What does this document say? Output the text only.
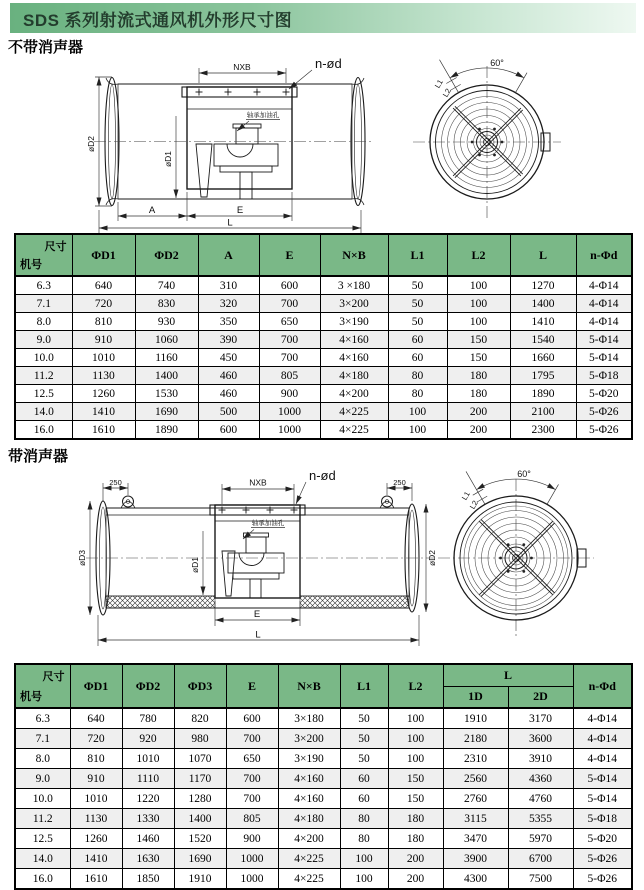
SDS 系列射流式通风机外形尺寸图
不带消声器
NXB	n-ød
轴承加油孔
øD2
øD1
A	E
L
60°
L2
L1
尺寸
机号	ΦD1	ΦD2	A	E	N×B	L1	L2	L	n-Φd
6.3	640	740	310	600	3 ×180	50	100	1270	4-Φ14
7.1	720	830	320	700	3×200	50	100	1400	4-Φ14
8.0	810	930	350	650	3×190	50	100	1410	4-Φ14
9.0	910	1060	390	700	4×160	60	150	1540	5-Φ14
10.0	1010	1160	450	700	4×160	60	150	1660	5-Φ14
11.2	1130	1400	460	805	4×180	80	180	1795	5-Φ18
12.5	1260	1530	460	900	4×200	80	180	1890	5-Φ20
14.0	1410	1690	500	1000	4×225	100	200	2100	5-Φ26
16.0	1610	1890	600	1000	4×225	100	200	2300	5-Φ26
带消声器
NXB	n-ød
250	250
轴承加油孔
øD3	øD2
øD1
E
L
60°
L2
L1
尺寸
机号	ΦD1	ΦD2	ΦD3	E	N×B	L1	L2	L		n-Φd
								1D	2D	
6.3	640	780	820	600	3×180	50	100	1910	3170	4-Φ14
7.1	720	920	980	700	3×200	50	100	2180	3600	4-Φ14
8.0	810	1010	1070	650	3×190	50	100	2310	3910	4-Φ14
9.0	910	1110	1170	700	4×160	60	150	2560	4360	5-Φ14
10.0	1010	1220	1280	700	4×160	60	150	2760	4760	5-Φ14
11.2	1130	1330	1400	805	4×180	80	180	3115	5355	5-Φ18
12.5	1260	1460	1520	900	4×200	80	180	3470	5970	5-Φ20
14.0	1410	1630	1690	1000	4×225	100	200	3900	6700	5-Φ26
16.0	1610	1850	1910	1000	4×225	100	200	4300	7500	5-Φ26
